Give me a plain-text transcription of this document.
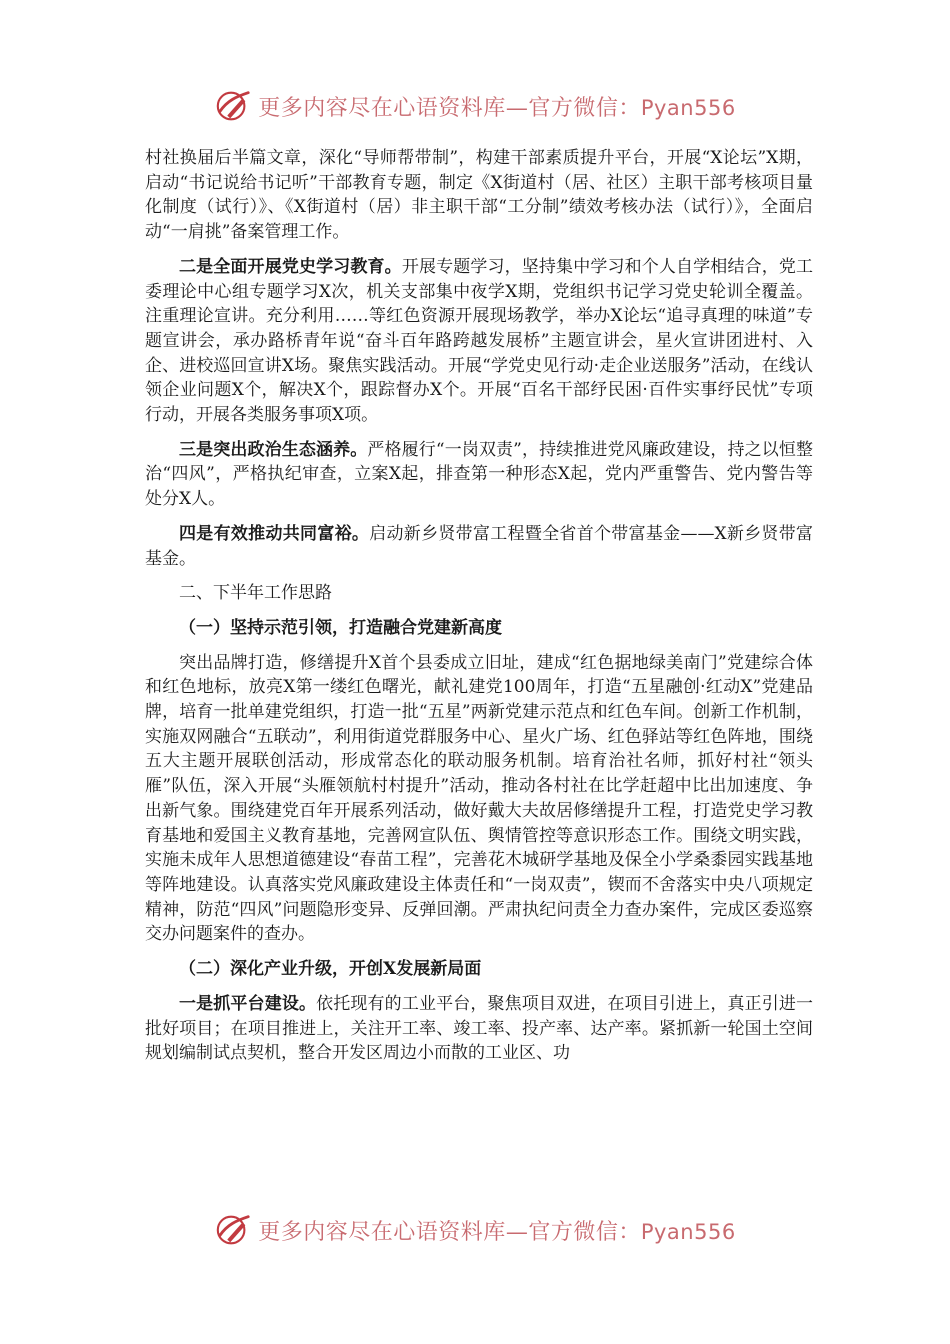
更多内容尽在心语资料库—官方微信：Pyan556

村社换届后半篇文章，深化“导师帮带制”，构建干部素质提升平台，开展“X论坛”X期，启动“书记说给书记听”干部教育专题，制定《X街道村（居、社区）主职干部考核项目量化制度（试行）》、《X街道村（居）非主职干部“工分制”绩效考核办法（试行）》，全面启动“一肩挑”备案管理工作。

二是全面开展党史学习教育。开展专题学习，坚持集中学习和个人自学相结合，党工委理论中心组专题学习X次，机关支部集中夜学X期，党组织书记学习党史轮训全覆盖。注重理论宣讲。充分利用……等红色资源开展现场教学，举办X论坛“追寻真理的味道”专题宣讲会，承办路桥青年说“奋斗百年路跨越发展桥”主题宣讲会，星火宣讲团进村、入企、进校巡回宣讲X场。聚焦实践活动。开展“学党史见行动·走企业送服务”活动，在线认领企业问题X个，解决X个，跟踪督办X个。开展“百名干部纾民困·百件实事纾民忧”专项行动，开展各类服务事项X项。

三是突出政治生态涵养。严格履行“一岗双责”，持续推进党风廉政建设，持之以恒整治“四风”，严格执纪审查，立案X起，排查第一种形态X起，党内严重警告、党内警告等处分X人。

四是有效推动共同富裕。启动新乡贤带富工程暨全省首个带富基金——X新乡贤带富基金。

二、下半年工作思路

（一）坚持示范引领，打造融合党建新高度

突出品牌打造，修缮提升X首个县委成立旧址，建成“红色据地绿美南门”党建综合体和红色地标，放亮X第一缕红色曙光，献礼建党100周年，打造“五星融创·红动X”党建品牌，培育一批单建党组织，打造一批“五星”两新党建示范点和红色车间。创新工作机制，实施双网融合“五联动”，利用街道党群服务中心、星火广场、红色驿站等红色阵地，围绕五大主题开展联创活动，形成常态化的联动服务机制。培育治社名师，抓好村社“领头雁”队伍，深入开展“头雁领航村村提升”活动，推动各村社在比学赶超中比出加速度、争出新气象。围绕建党百年开展系列活动，做好戴大夫故居修缮提升工程，打造党史学习教育基地和爱国主义教育基地，完善网宣队伍、舆情管控等意识形态工作。围绕文明实践，实施未成年人思想道德建设“春苗工程”，完善花木城研学基地及保全小学桑黍园实践基地等阵地建设。认真落实党风廉政建设主体责任和“一岗双责”，锲而不舍落实中央八项规定精神，防范“四风”问题隐形变异、反弹回潮。严肃执纪问责全力查办案件，完成区委巡察交办问题案件的查办。

（二）深化产业升级，开创X发展新局面

一是抓平台建设。依托现有的工业平台，聚焦项目双进，在项目引进上，真正引进一批好项目；在项目推进上，关注开工率、竣工率、投产率、达产率。紧抓新一轮国土空间规划编制试点契机，整合开发区周边小而散的工业区、功

更多内容尽在心语资料库—官方微信：Pyan556
